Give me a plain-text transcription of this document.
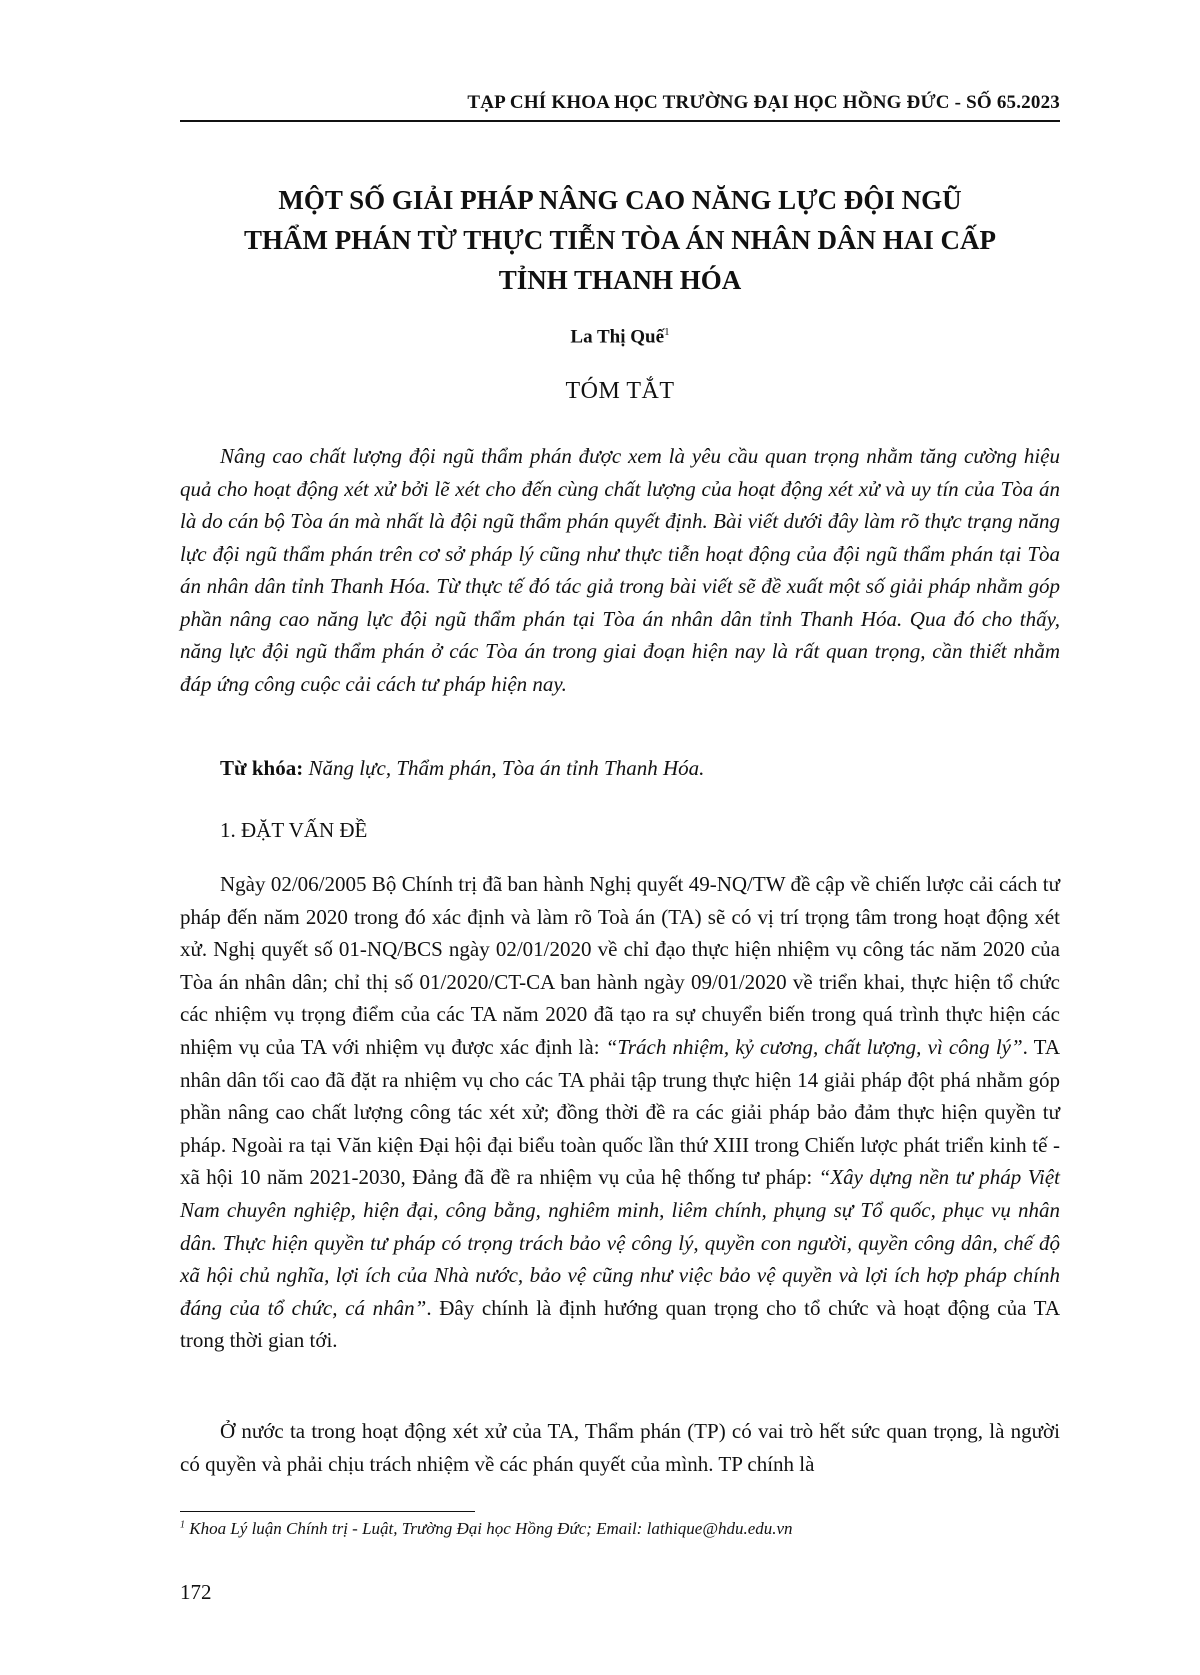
TẠP CHÍ KHOA HỌC TRƯỜNG ĐẠI HỌC HỒNG ĐỨC - SỐ 65.2023
MỘT SỐ GIẢI PHÁP NÂNG CAO NĂNG LỰC ĐỘI NGŨ
THẨM PHÁN TỪ THỰC TIỄN TÒA ÁN NHÂN DÂN HAI CẤP
TỈNH THANH HÓA
La Thị Quế$^1$
TÓM TẮT

Nâng cao chất lượng đội ngũ thẩm phán được xem là yêu cầu quan trọng nhằm tăng cường hiệu quả cho hoạt động xét xử bởi lẽ xét cho đến cùng chất lượng của hoạt động xét xử và uy tín của Tòa án là do cán bộ Tòa án mà nhất là đội ngũ thẩm phán quyết định. Bài viết dưới đây làm rõ thực trạng năng lực đội ngũ thẩm phán trên cơ sở pháp lý cũng như thực tiễn hoạt động của đội ngũ thẩm phán tại Tòa án nhân dân tỉnh Thanh Hóa. Từ thực tế đó tác giả trong bài viết sẽ đề xuất một số giải pháp nhằm góp phần nâng cao năng lực đội ngũ thẩm phán tại Tòa án nhân dân tỉnh Thanh Hóa. Qua đó cho thấy, năng lực đội ngũ thẩm phán ở các Tòa án trong giai đoạn hiện nay là rất quan trọng, cần thiết nhằm đáp ứng công cuộc cải cách tư pháp hiện nay.

Từ khóa: Năng lực, Thẩm phán, Tòa án tỉnh Thanh Hóa.
1. ĐẶT VẤN ĐỀ

Ngày 02/06/2005 Bộ Chính trị đã ban hành Nghị quyết 49-NQ/TW đề cập về chiến lược cải cách tư pháp đến năm 2020 trong đó xác định và làm rõ Toà án (TA) sẽ có vị trí trọng tâm trong hoạt động xét xử. Nghị quyết số 01-NQ/BCS ngày 02/01/2020 về chỉ đạo thực hiện nhiệm vụ công tác năm 2020 của Tòa án nhân dân; chỉ thị số 01/2020/CT-CA ban hành ngày 09/01/2020 về triển khai, thực hiện tổ chức các nhiệm vụ trọng điểm của các TA năm 2020 đã tạo ra sự chuyển biến trong quá trình thực hiện các nhiệm vụ của TA với nhiệm vụ được xác định là: “Trách nhiệm, kỷ cương, chất lượng, vì công lý”. TA nhân dân tối cao đã đặt ra nhiệm vụ cho các TA phải tập trung thực hiện 14 giải pháp đột phá nhằm góp phần nâng cao chất lượng công tác xét xử; đồng thời đề ra các giải pháp bảo đảm thực hiện quyền tư pháp. Ngoài ra tại Văn kiện Đại hội đại biểu toàn quốc lần thứ XIII trong Chiến lược phát triển kinh tế - xã hội 10 năm 2021-2030, Đảng đã đề ra nhiệm vụ của hệ thống tư pháp: “Xây dựng nền tư pháp Việt Nam chuyên nghiệp, hiện đại, công bằng, nghiêm minh, liêm chính, phụng sự Tổ quốc, phục vụ nhân dân. Thực hiện quyền tư pháp có trọng trách bảo vệ công lý, quyền con người, quyền công dân, chế độ xã hội chủ nghĩa, lợi ích của Nhà nước, bảo vệ cũng như việc bảo vệ quyền và lợi ích hợp pháp chính đáng của tổ chức, cá nhân”. Đây chính là định hướng quan trọng cho tổ chức và hoạt động của TA trong thời gian tới.

Ở nước ta trong hoạt động xét xử của TA, Thẩm phán (TP) có vai trò hết sức quan trọng, là người có quyền và phải chịu trách nhiệm về các phán quyết của mình. TP chính là

$^1$ Khoa Lý luận Chính trị - Luật, Trường Đại học Hồng Đức; Email: lathique@hdu.edu.vn
172
